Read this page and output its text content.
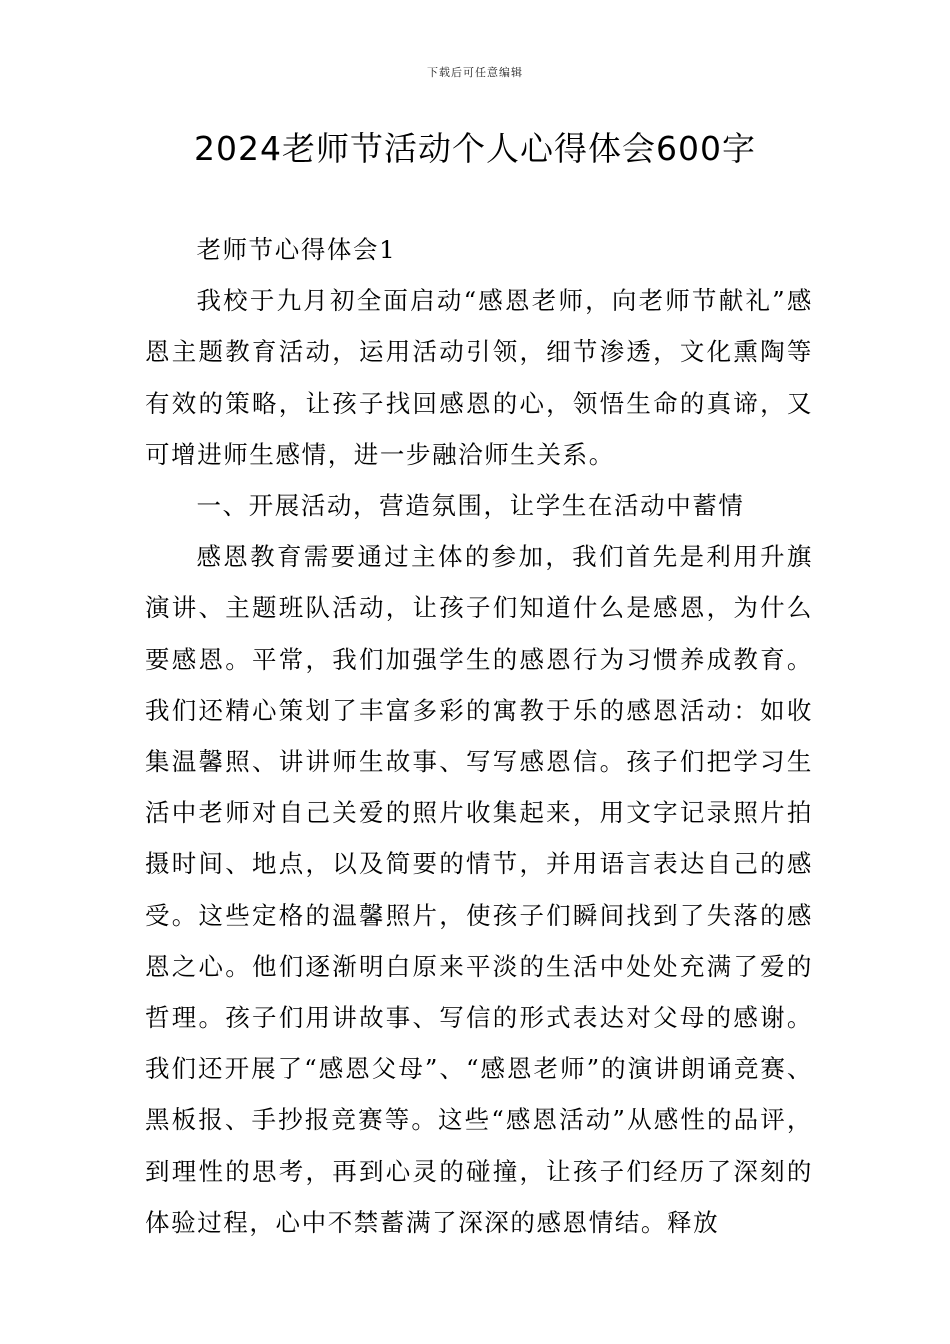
下载后可任意编辑
2024老师节活动个人心得体会600字

老师节心得体会1

我校于九月初全面启动“感恩老师，向老师节献礼”感恩主题教育活动，运用活动引领，细节渗透，文化熏陶等有效的策略，让孩子找回感恩的心，领悟生命的真谛，又可增进师生感情，进一步融洽师生关系。

一、开展活动，营造氛围，让学生在活动中蓄情

感恩教育需要通过主体的参加，我们首先是利用升旗演讲、主题班队活动，让孩子们知道什么是感恩，为什么要感恩。平常，我们加强学生的感恩行为习惯养成教育。我们还精心策划了丰富多彩的寓教于乐的感恩活动：如收集温馨照、讲讲师生故事、写写感恩信。孩子们把学习生活中老师对自己关爱的照片收集起来，用文字记录照片拍摄时间、地点，以及简要的情节，并用语言表达自己的感受。这些定格的温馨照片，使孩子们瞬间找到了失落的感恩之心。他们逐渐明白原来平淡的生活中处处充满了爱的哲理。孩子们用讲故事、写信的形式表达对父母的感谢。我们还开展了“感恩父母”、“感恩老师”的演讲朗诵竞赛、黑板报、手抄报竞赛等。这些“感恩活动”从感性的品评，到理性的思考，再到心灵的碰撞，让孩子们经历了深刻的体验过程，心中不禁蓄满了深深的感恩情结。释放
